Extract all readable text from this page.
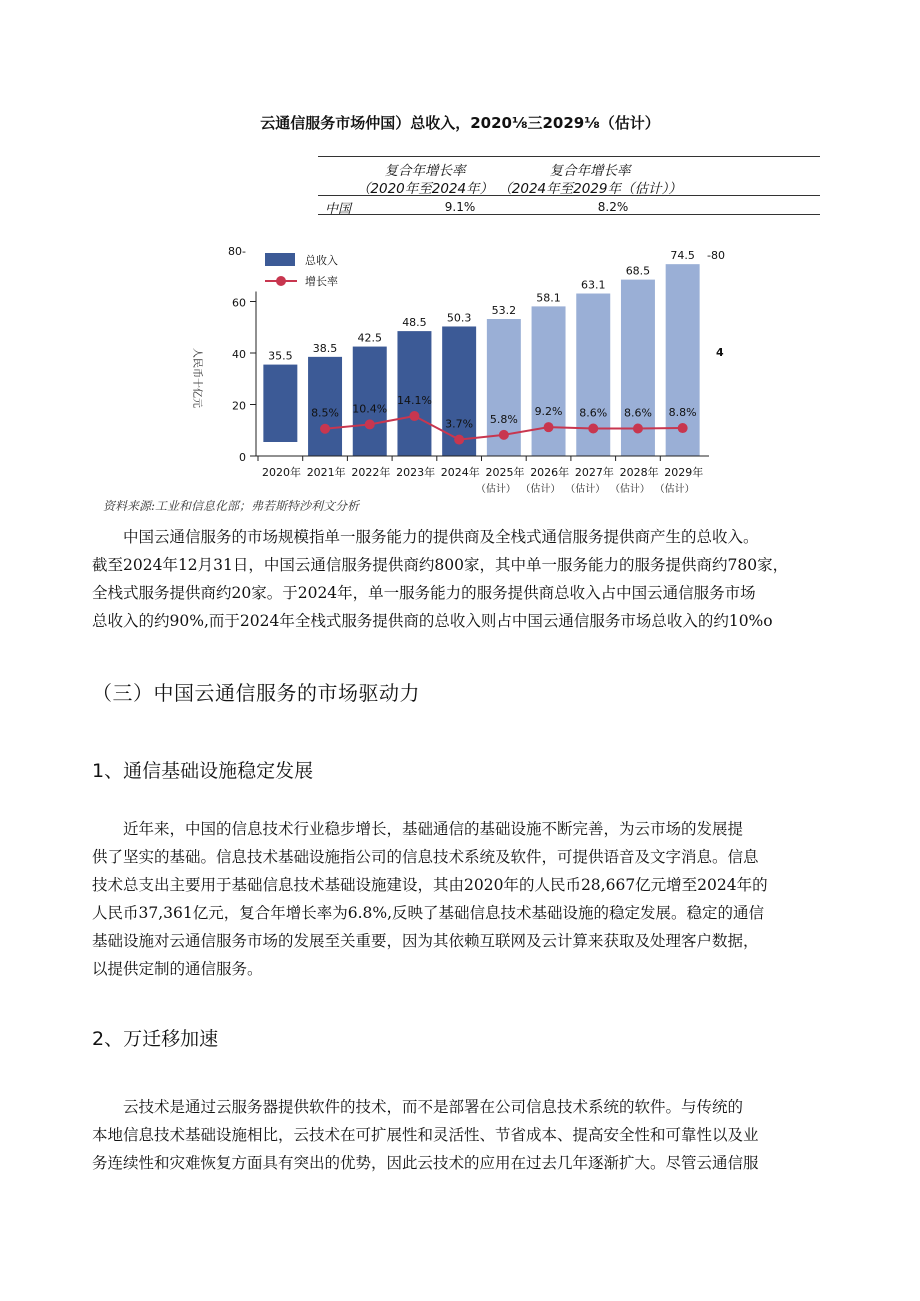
云通信服务市场仲国）总收入，2020⅛三2029⅛（估计）
复合年增长率
（2020年至2024年）
复合年增长率
（2024年至2029年（估计））
中国	9.1%	8.2%
0
20
40
60
80-
35.5
2020年
38.5
2021年
8.5%
42.5
2022年
10.4%
48.5
2023年
14.1%
50.3
2024年
3.7%
53.2
2025年
（估计）
5.8%
58.1
2026年
（估计）
9.2%
63.1
2027年
（估计）
8.6%
68.5
2028年
（估计）
8.6%
74.5
2029年
（估计）
8.8%
总收入
增长率
人民币十亿元
-80
4
资料来源:工业和信息化部；弗若斯特沙利文分析
中国云通信服务的市场规模指单一服务能力的提供商及全栈式通信服务提供商产生的总收入。
截至2024年12月31日，中国云通信服务提供商约800家，其中单一服务能力的服务提供商约780家，
全栈式服务提供商约20家。于2024年，单一服务能力的服务提供商总收入占中国云通信服务市场
总收入的约90%,而于2024年全栈式服务提供商的总收入则占中国云通信服务市场总收入的约10%o
（三）中国云通信服务的市场驱动力
1、通信基础设施稳定发展
近年来，中国的信息技术行业稳步增长，基础通信的基础设施不断完善，为云市场的发展提
供了坚实的基础。信息技术基础设施指公司的信息技术系统及软件，可提供语音及文字消息。信息
技术总支出主要用于基础信息技术基础设施建设，其由2020年的人民币28,667亿元增至2024年的
人民币37,361亿元，复合年增长率为6.8%,反映了基础信息技术基础设施的稳定发展。稳定的通信
基础设施对云通信服务市场的发展至关重要，因为其依赖互联网及云计算来获取及处理客户数据，
以提供定制的通信服务。
2、万迁移加速
云技术是通过云服务器提供软件的技术，而不是部署在公司信息技术系统的软件。与传统的
本地信息技术基础设施相比，云技术在可扩展性和灵活性、节省成本、提高安全性和可靠性以及业
务连续性和灾难恢复方面具有突出的优势，因此云技术的应用在过去几年逐渐扩大。尽管云通信服
